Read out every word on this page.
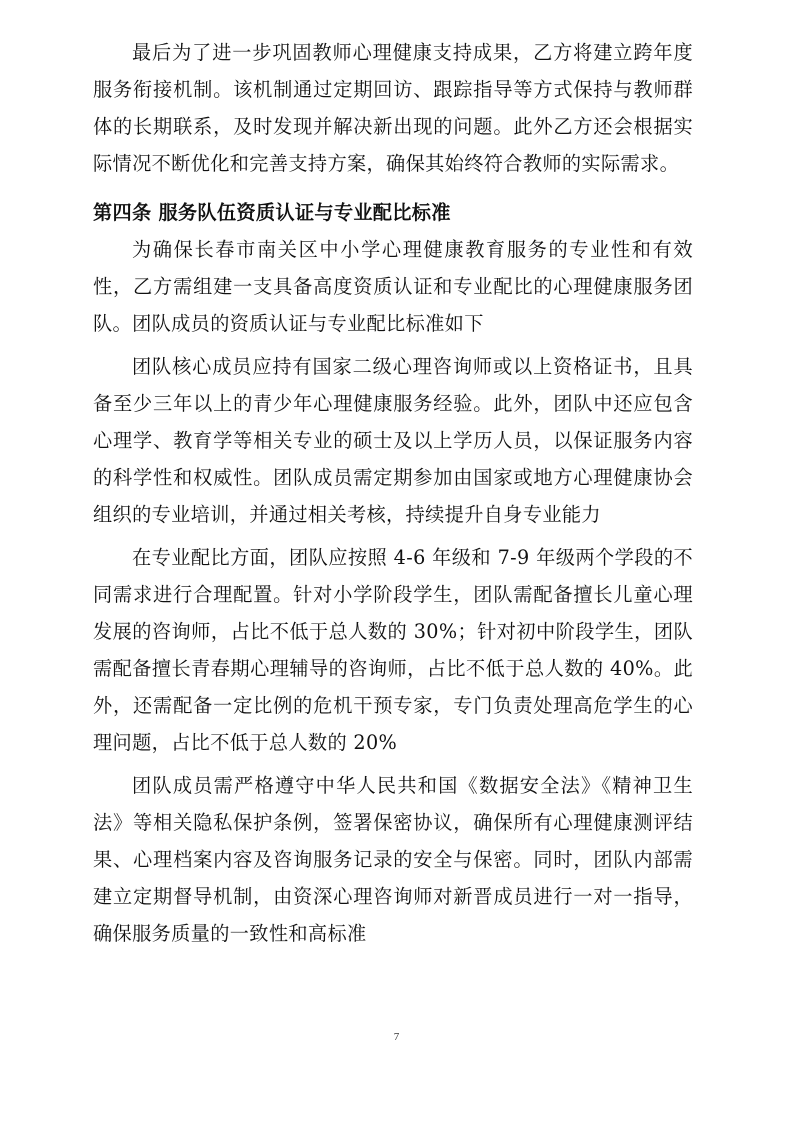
最后为了进一步巩固教师心理健康支持成果，乙方将建立跨年度服务衔接机制。该机制通过定期回访、跟踪指导等方式保持与教师群体的长期联系，及时发现并解决新出现的问题。此外乙方还会根据实际情况不断优化和完善支持方案，确保其始终符合教师的实际需求。

第四条 服务队伍资质认证与专业配比标准

为确保长春市南关区中小学心理健康教育服务的专业性和有效性，乙方需组建一支具备高度资质认证和专业配比的心理健康服务团队。团队成员的资质认证与专业配比标准如下

团队核心成员应持有国家二级心理咨询师或以上资格证书，且具备至少三年以上的青少年心理健康服务经验。此外，团队中还应包含心理学、教育学等相关专业的硕士及以上学历人员，以保证服务内容的科学性和权威性。团队成员需定期参加由国家或地方心理健康协会组织的专业培训，并通过相关考核，持续提升自身专业能力

在专业配比方面，团队应按照 4-6 年级和 7-9 年级两个学段的不同需求进行合理配置。针对小学阶段学生，团队需配备擅长儿童心理发展的咨询师，占比不低于总人数的 30%；针对初中阶段学生，团队需配备擅长青春期心理辅导的咨询师，占比不低于总人数的 40%。此外，还需配备一定比例的危机干预专家，专门负责处理高危学生的心理问题，占比不低于总人数的 20%

团队成员需严格遵守中华人民共和国《数据安全法》《精神卫生法》等相关隐私保护条例，签署保密协议，确保所有心理健康测评结果、心理档案内容及咨询服务记录的安全与保密。同时，团队内部需建立定期督导机制，由资深心理咨询师对新晋成员进行一对一指导，确保服务质量的一致性和高标准

7
